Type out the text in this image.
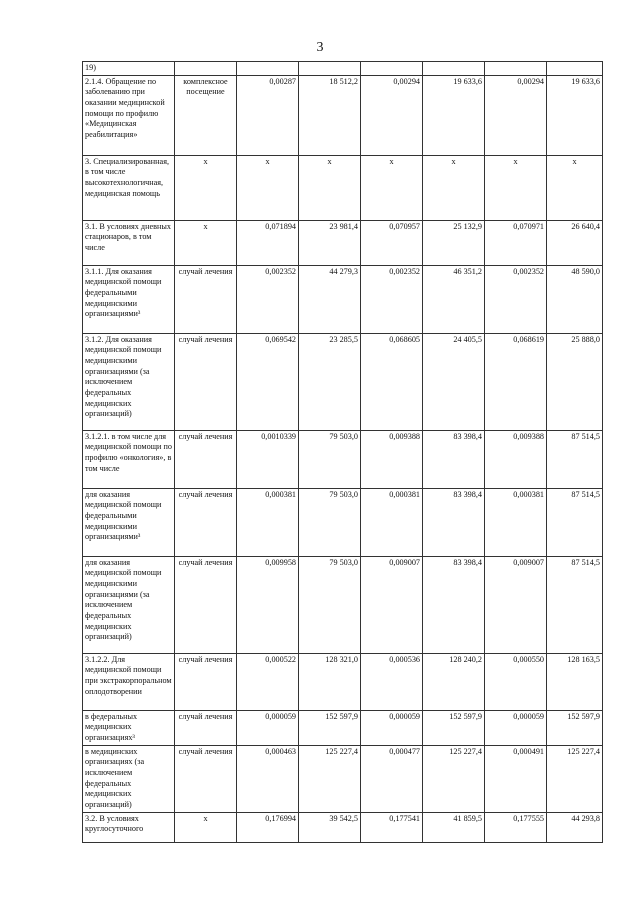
3
19)							
2.1.4. Обращение по заболеванию при оказании медицинской помощи по профилю «Медицинская реабилитация»	комплексное посещение	0,00287	18 512,2	0,00294	19 633,6	0,00294	19 633,6
3. Специализированная, в том числе высокотехнологичная, медицинская помощь	x	x	x	x	x	x	x
3.1. В условиях дневных стационаров, в том числе	x	0,071894	23 981,4	0,070957	25 132,9	0,070971	26 640,4
3.1.1. Для оказания медицинской помощи федеральными медицинскими организациями³	случай лечения	0,002352	44 279,3	0,002352	46 351,2	0,002352	48 590,0
3.1.2. Для оказания медицинской помощи медицинскими организациями (за исключением федеральных медицинских организаций)	случай лечения	0,069542	23 285,5	0,068605	24 405,5	0,068619	25 888,0
3.1.2.1. в том числе для медицинской помощи по профилю «онкология», в том числе	случай лечения	0,0010339	79 503,0	0,009388	83 398,4	0,009388	87 514,5
для оказания медицинской помощи федеральными медицинскими организациями³	случай лечения	0,000381	79 503,0	0,000381	83 398,4	0,000381	87 514,5
для оказания медицинской помощи медицинскими организациями (за исключением федеральных медицинских организаций)	случай лечения	0,009958	79 503,0	0,009007	83 398,4	0,009007	87 514,5
3.1.2.2. Для медицинской помощи при экстракорпоральном оплодотворении	случай лечения	0,000522	128 321,0	0,000536	128 240,2	0,000550	128 163,5
в федеральных медицинских организациях³	случай лечения	0,000059	152 597,9	0,000059	152 597,9	0,000059	152 597,9
в медицинских организациях (за исключением федеральных медицинских организаций)	случай лечения	0,000463	125 227,4	0,000477	125 227,4	0,000491	125 227,4
3.2. В условиях круглосуточного	x	0,176994	39 542,5	0,177541	41 859,5	0,177555	44 293,8
